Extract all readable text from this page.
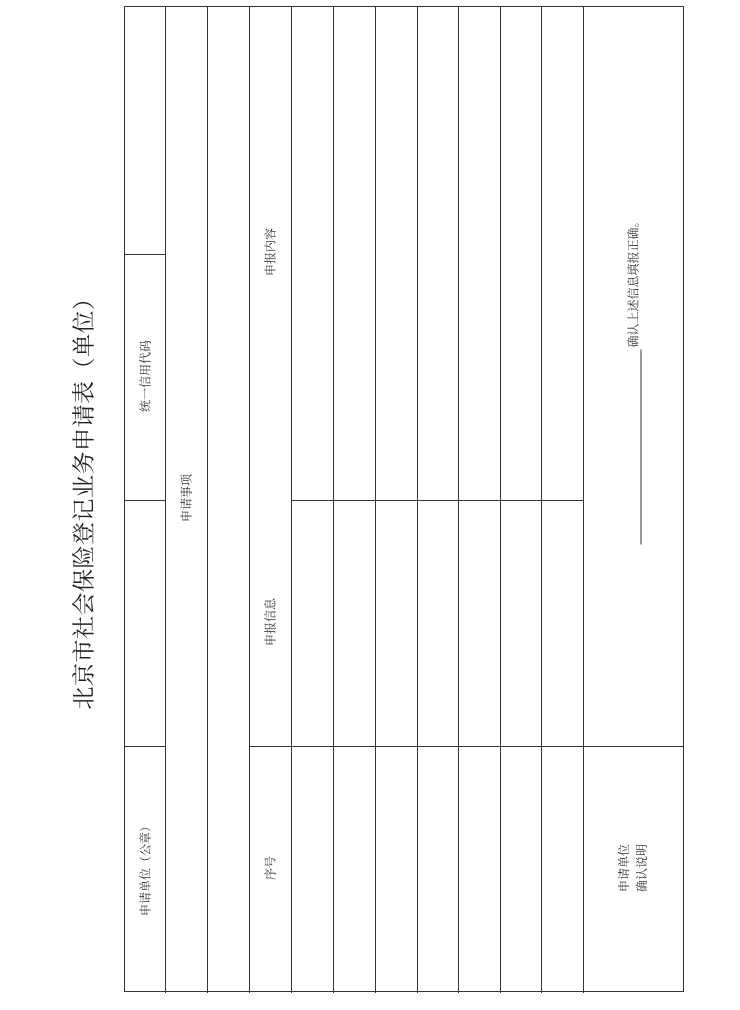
北京市社会保险登记业务申请表（单位）
申请单位（公章）
统一信用代码
申请事项
序号
申报信息
申报内容
申请单位 确认说明
确认上述信息填报正确。
